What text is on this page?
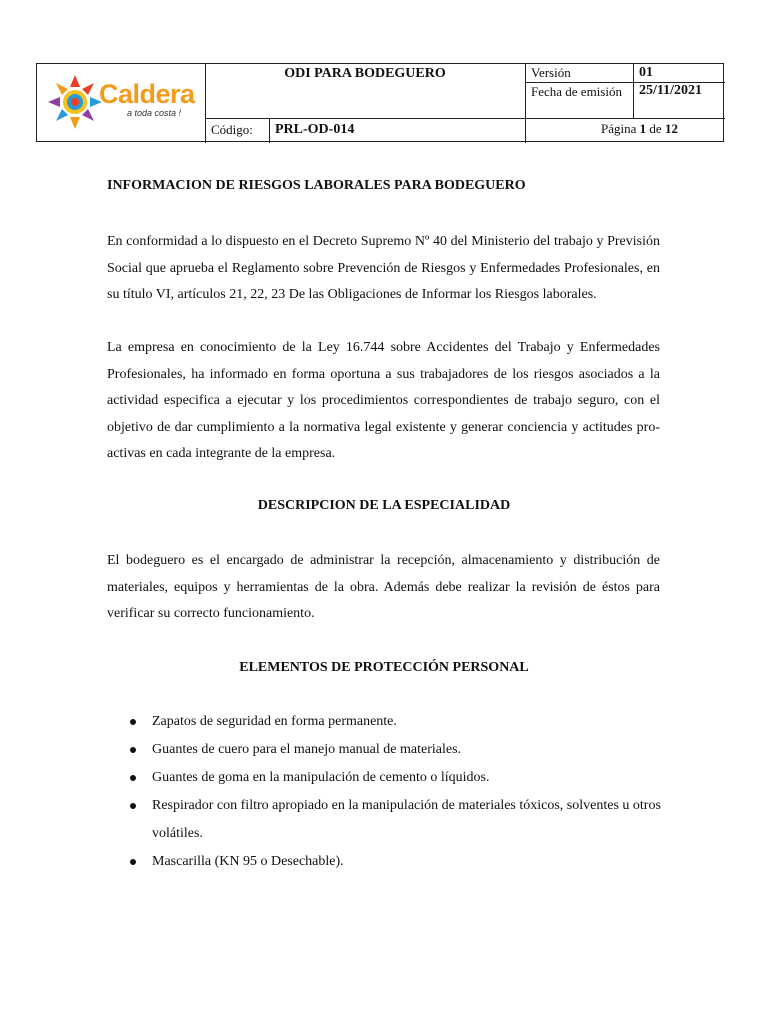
Caldera
a toda costa !
ODI PARA BODEGUERO	Versión	01
Fecha de emisión	25/11/2021
Código:	PRL-OD-014	Página 1 de 12
INFORMACION DE RIESGOS LABORALES PARA BODEGUERO

En conformidad a lo dispuesto en el Decreto Supremo Nº 40 del Ministerio del trabajo y Previsión Social que aprueba el Reglamento sobre Prevención de Riesgos y Enfermedades Profesionales, en su título VI, artículos 21, 22, 23 De las Obligaciones de Informar los Riesgos laborales.

La empresa en conocimiento de la Ley 16.744 sobre Accidentes del Trabajo y Enfermedades Profesionales, ha informado en forma oportuna a sus trabajadores de los riesgos asociados a la actividad especifica a ejecutar y los procedimientos correspondientes de trabajo seguro, con el objetivo de dar cumplimiento a la normativa legal existente y generar conciencia y actitudes pro-activas en cada integrante de la empresa.

DESCRIPCION DE LA ESPECIALIDAD

El bodeguero es el encargado de administrar la recepción, almacenamiento y distribución de materiales, equipos y herramientas de la obra. Además debe realizar la revisión de éstos para verificar su correcto funcionamiento.

ELEMENTOS DE PROTECCIÓN PERSONAL
Zapatos de seguridad en forma permanente.
Guantes de cuero para el manejo manual de materiales.
Guantes de goma en la manipulación de cemento o líquidos.
Respirador con filtro apropiado en la manipulación de materiales tóxicos, solventes u otros volátiles.
Mascarilla (KN 95 o Desechable).
